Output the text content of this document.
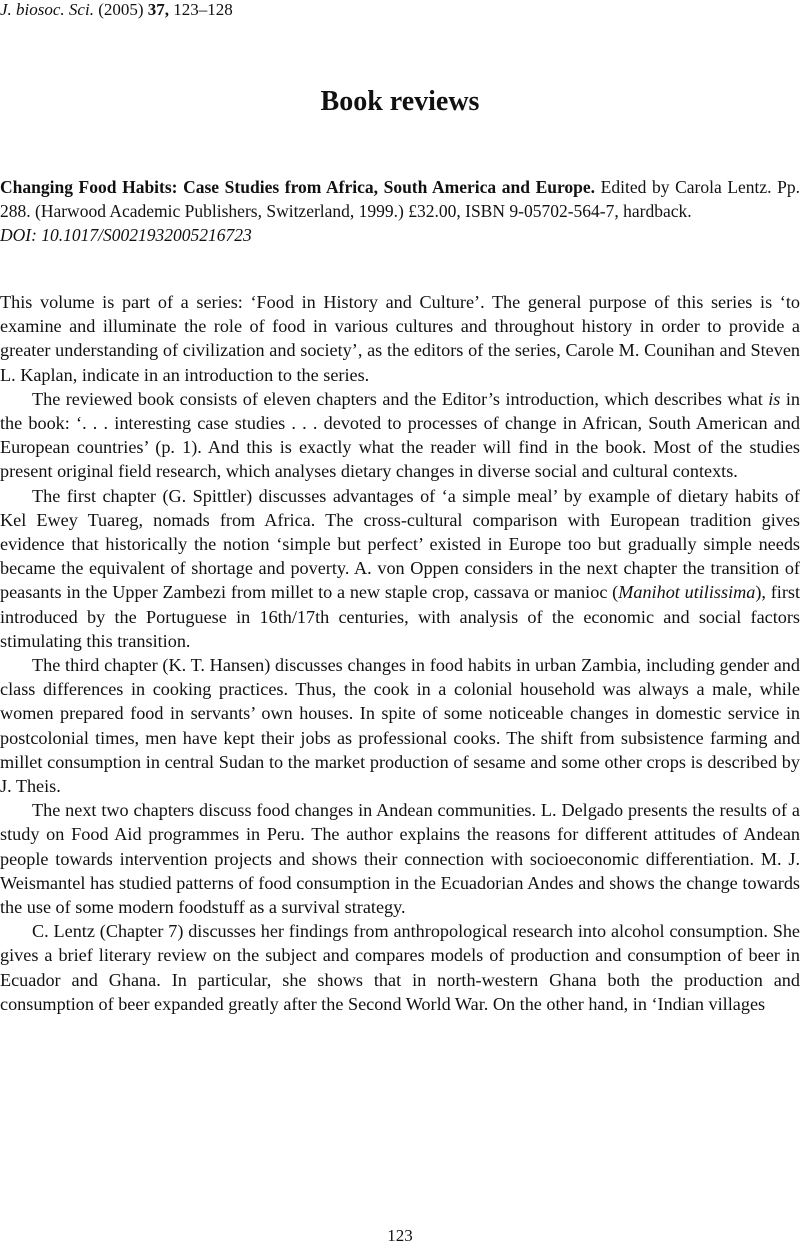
J. biosoc. Sci. (2005) 37, 123–128
Book reviews
Changing Food Habits: Case Studies from Africa, South America and Europe. Edited by Carola Lentz. Pp. 288. (Harwood Academic Publishers, Switzerland, 1999.) £32.00, ISBN 9-05702-564-7, hardback.
DOI: 10.1017/S0021932005216723

This volume is part of a series: ‘Food in History and Culture’. The general purpose of this series is ‘to examine and illuminate the role of food in various cultures and throughout history in order to provide a greater understanding of civilization and society’, as the editors of the series, Carole M. Counihan and Steven L. Kaplan, indicate in an introduction to the series.

The reviewed book consists of eleven chapters and the Editor’s introduction, which describes what is in the book: ‘. . . interesting case studies . . . devoted to processes of change in African, South American and European countries’ (p. 1). And this is exactly what the reader will find in the book. Most of the studies present original field research, which analyses dietary changes in diverse social and cultural contexts.

The first chapter (G. Spittler) discusses advantages of ‘a simple meal’ by example of dietary habits of Kel Ewey Tuareg, nomads from Africa. The cross-cultural comparison with European tradition gives evidence that historically the notion ‘simple but perfect’ existed in Europe too but gradually simple needs became the equivalent of shortage and poverty. A. von Oppen considers in the next chapter the transition of peasants in the Upper Zambezi from millet to a new staple crop, cassava or manioc (Manihot utilissima), first introduced by the Portuguese in 16th/17th centuries, with analysis of the economic and social factors stimulating this transition.

The third chapter (K. T. Hansen) discusses changes in food habits in urban Zambia, including gender and class differences in cooking practices. Thus, the cook in a colonial household was always a male, while women prepared food in servants’ own houses. In spite of some noticeable changes in domestic service in postcolonial times, men have kept their jobs as professional cooks. The shift from subsistence farming and millet consumption in central Sudan to the market production of sesame and some other crops is described by J. Theis.

The next two chapters discuss food changes in Andean communities. L. Delgado presents the results of a study on Food Aid programmes in Peru. The author explains the reasons for different attitudes of Andean people towards intervention projects and shows their connection with socioeconomic differentiation. M. J. Weismantel has studied patterns of food consumption in the Ecuadorian Andes and shows the change towards the use of some modern foodstuff as a survival strategy.

C. Lentz (Chapter 7) discusses her findings from anthropological research into alcohol consumption. She gives a brief literary review on the subject and compares models of production and consumption of beer in Ecuador and Ghana. In particular, she shows that in north-western Ghana both the production and consumption of beer expanded greatly after the Second World War. On the other hand, in ‘Indian villages

123
